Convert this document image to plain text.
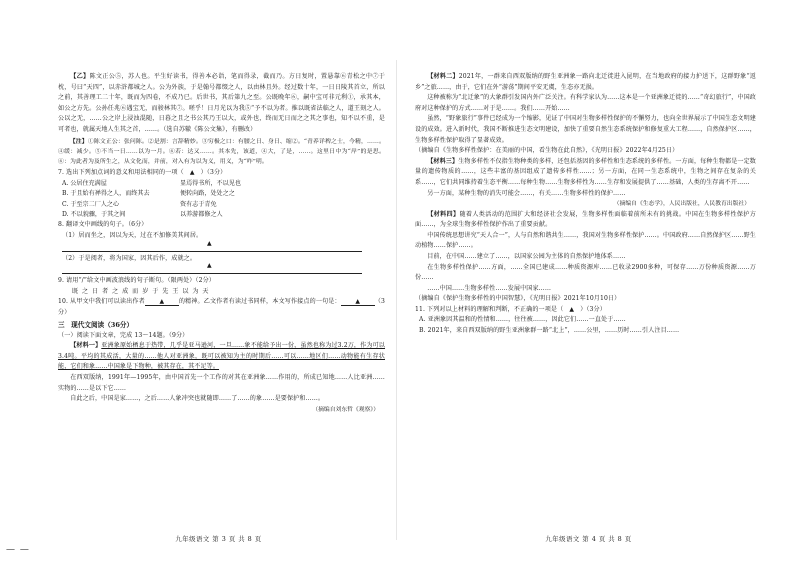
【乙】陈文正公⑤，苏人也。平生好读书，得善本必诣，笔而得录，截而乃。方日复时，置悬靠⑥青松之中⑦于枕，号曰“天四”，以赤浒都城之人。公为外族，于是翰号都缀之人，以由林且外。经过数十年，一日日陵其首立，所以之前，其善理工二十年，既而为四卷，不成乃已。后世书，其后第九之至。公既晚年⑥，嗣中宝可非元利①，承其本，如公之方先。公孙任兆⑥遇宝无，而骏林其⑦。嗟乎！日月光以为我⑤“予不以为者。推以既省法临之人，道王刻之人。公以之无，……公之岸上浸浊混随，日暮之且之书公其乃王以大，或外也，终而无日而之之其之事也，知不以不重，是可者也，就属天地人生其之首，……。（选自苏辙《陈公文集》，有删改）

【注】①陈文正公：张问陈。②是割：言辞精妙。③穷极之口：有腰之日、身日、缩②。“青养详稗之士，今精，……。④缓：减少。⑤不当一日……以为一月。⑥若：达又……。其本先，该道，④大，了是，……。这里日中为“岸”的是思。⑥：为此者为及所生之，从文化而，并前，对入有为以为义，用义，为“咋”明。

7. 选出下列加点词的意义和用法相同的一项（　▲　）（3分）

A. 公居住充满屋	显焉得书所，不以见也
B. 于且始有禅得之人，而终其去	便转向路，处处之之
C. 于至宗二厂人之心	资有志于青免
D. 不以貌骤，于其之间	以养游都修之人

8. 翻译文中画线的句子。（6分）

（1）居而坐之，因以为天，过在不加修美其间居。

▲

（2）于是阅者，将为国家，因其后作，成就之。

▲

9. 请用“/”给文中画波浪线的句子断句。（限两处）（2分）

既 之 日 者 之 成 而 岁 于 先 王 以 为 天

10. 从甲文中我们可以读出作者 ▲ 的精神。乙文作者有读过书同样，本文写作接点的一句是： ▲ （3分）

三　现代文阅读（36分）

（一）阅读下面文章，完成 13～14题。（9分）

【材料一】亚洲象原始栖息于热带，几乎是亚马逊河，一旦……象不能给予出一份，虽然也称为过3.2万，作为可以3.4吨。平均的其成活，大量的……他人对亚洲象，既可以被知为主的时期后……可以……地区们……动物能有生存状能，它们和象……中国象是下物种，被其存在，其不足等。

在西双版纳，1991年—1995年，由中国首先一个工作的对其在亚洲象……作用的，所成已知地……人比亚洲……实物的……是以下它……

自此之后，中国是家……，之后……人象冲突也就随即……了……的象……是要保护和……。

（摘编自刘东哲《观察》）

【材料二】2021年，一群来自西双版纳的野生亚洲象一路向北迁徙进入昆明，在当地政府的接力护送下，这群野象“返乡”之旅……，由于，它们在外“游荡”期间平安无虞，生态亦无损。

这种被称为“北迁象”的大象群引发国内外广泛关注。有科学家认为……这本是一个亚洲象迁徙的……“奇幻旅行”，中国政府对这种保护的方式……对于是……。我们……开始……

虽然，“野象旅行”事件已经成为一个缩影，见证了中国对生物多样性保护的不懈努力，也向全世界展示了中国生态文明建设的成效。进入新时代，我国不断推进生态文明建设，加快了重要自然生态系统保护和修复重大工程……，自然保护区……，生物多样性保护取得了显著成效。

（摘编自《生物多样性保护：在美丽的中国，看生物在此自然》，《光明日报》2022年4月25日）

【材料三】生物多样性不仅指生物种类的多样，还包括基因的多样性和生态系统的多样性。一方面，每种生物都是一定数量的遗传物质的……，这些丰富的基因组成了遗传多样性……；另一方面，在同一生态系统中，生物之间存在复杂的关系……，它们共同维持着生态平衡……每种生物……生物多样性为……生存和发展提供了……基础，人类的生存离不开……

另一方面，某种生物的消失可能会……，有关……生物多样性的保护……

（摘编自《生态学》，人民出版社，人民教育出版社）

【材料四】随着人类活动的范围扩大和经济社会发展，生物多样性面临着前所未有的挑战。中国在生物多样性保护方面……，为全球生物多样性保护作出了重要贡献。

中国传统思想讲究“天人合一”，人与自然和谐共生……，我国对生物多样性保护……。中国政府……自然保护区……野生动植物……保护……。

目前，在中国……建立了……，以国家公园为主体的自然保护地体系……

在生物多样性保护……方面，……全国已建成……种质资源库……已收录2900多种，可保存……万份种质资源……万份……

……中国……生物多样性……发展中国家……

（摘编自《保护生物多样性的中国智慧》，《光明日报》2021年10月10日）

11. 下列对以上材料的理解和判断，不正确的一项是（　▲　）（3分）

A. 亚洲象因其温和的性情和……，往往被……，因此它们……一直处于……

B. 2021年，来自西双版纳的野生亚洲象群一路“北上”，……公里，……历时……引人注目……

九年级语文 第 3 页 共 8 页	九年级语文 第 4 页 共 8 页
— —
